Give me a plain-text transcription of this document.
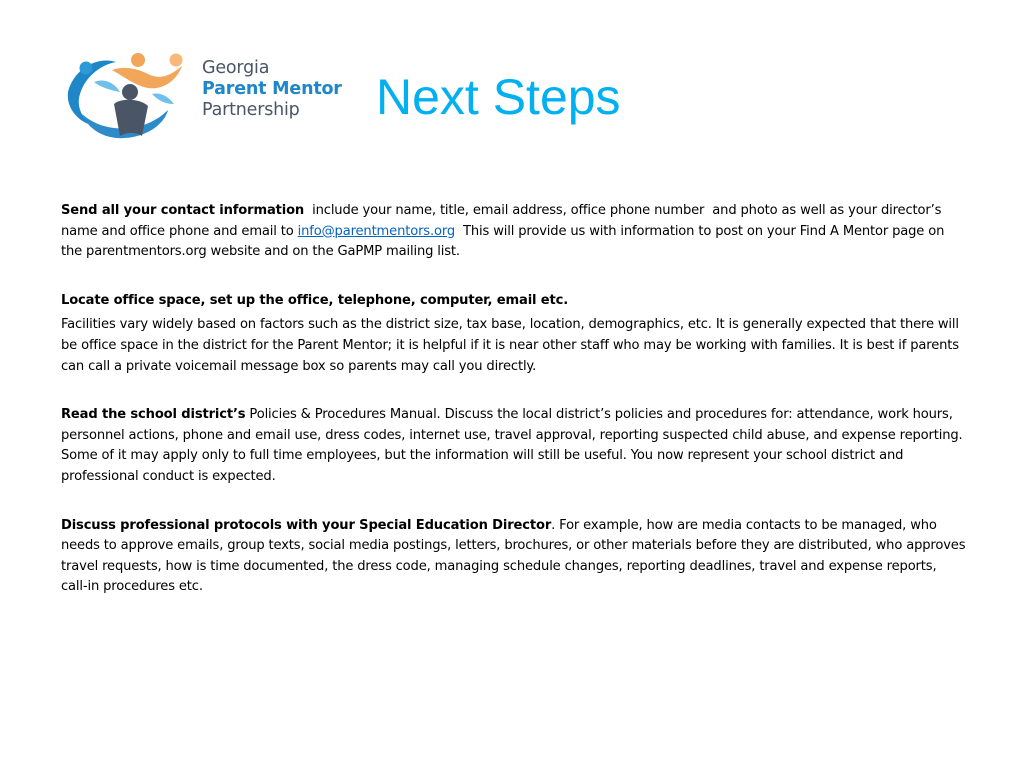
Georgia
Parent Mentor
Partnership	Next Steps

Send all your contact information  include your name, title, email address, office phone number  and photo as well as your director’s name and office phone and email to info@parentmentors.org  This will provide us with information to post on your Find A Mentor page on the parentmentors.org website and on the GaPMP mailing list.

Locate office space, set up the office, telephone, computer, email etc.

Facilities vary widely based on factors such as the district size, tax base, location, demographics, etc. It is generally expected that there will be office space in the district for the Parent Mentor; it is helpful if it is near other staff who may be working with families. It is best if parents can call a private voicemail message box so parents may call you directly.

Read the school district’s Policies & Procedures Manual. Discuss the local district’s policies and procedures for: attendance, work hours, personnel actions, phone and email use, dress codes, internet use, travel approval, reporting suspected child abuse, and expense reporting. Some of it may apply only to full time employees, but the information will still be useful. You now represent your school district and professional conduct is expected.

Discuss professional protocols with your Special Education Director. For example, how are media contacts to be managed, who needs to approve emails, group texts, social media postings, letters, brochures, or other materials before they are distributed, who approves travel requests, how is time documented, the dress code, managing schedule changes, reporting deadlines, travel and expense reports, call-in procedures etc.
